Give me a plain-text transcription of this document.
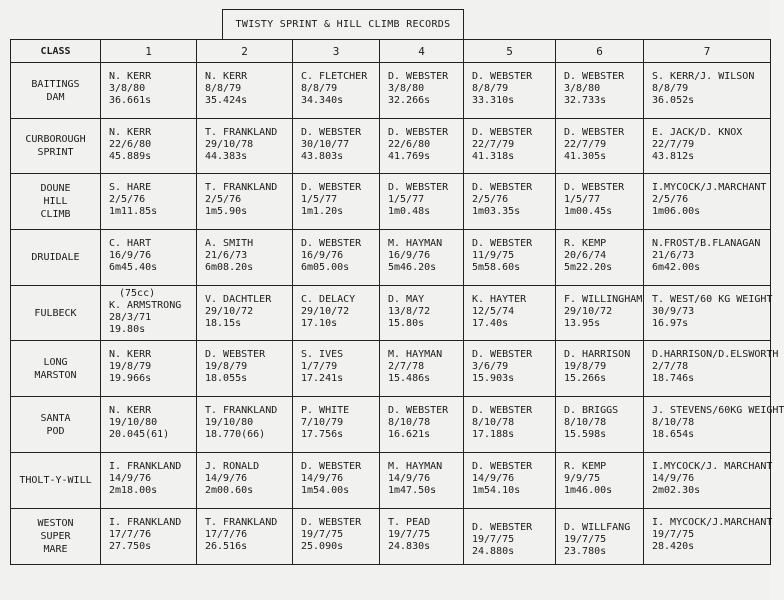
TWISTY SPRINT & HILL CLIMB RECORDS
CLASS	1	2	3	4	5	6	7
BAITINGS
DAM	N. KERR
3/8/80
36.661s	N. KERR
8/8/79
35.424s	C. FLETCHER
8/8/79
34.340s	D. WEBSTER
3/8/80
32.266s	D. WEBSTER
8/8/79
33.310s	D. WEBSTER
3/8/80
32.733s	S. KERR/J. WILSON
8/8/79
36.052s

CURBOROUGH
SPRINT	N. KERR
22/6/80
45.889s	T. FRANKLAND
29/10/78
44.383s	D. WEBSTER
30/10/77
43.803s	D. WEBSTER
22/6/80
41.769s	D. WEBSTER
22/7/79
41.318s	D. WEBSTER
22/7/79
41.305s	E. JACK/D. KNOX
22/7/79
43.812s

DOUNE
HILL
CLIMB	S. HARE
2/5/76
1m11.85s	T. FRANKLAND
2/5/76
1m5.90s	D. WEBSTER
1/5/77
1m1.20s	D. WEBSTER
1/5/77
1m0.48s	D. WEBSTER
2/5/76
1m03.35s	D. WEBSTER
1/5/77
1m00.45s	I.MYCOCK/J.MARCHANT
2/5/76
1m06.00s

DRUIDALE	C. HART
16/9/76
6m45.40s	A. SMITH
21/6/73
6m08.20s	D. WEBSTER
16/9/76
6m05.00s	M. HAYMAN
16/9/76
5m46.20s	D. WEBSTER
11/9/75
5m58.60s	R. KEMP
20/6/74
5m22.20s	N.FROST/B.FLANAGAN
21/6/73
6m42.00s

FULBECK	(75cc)
K. ARMSTRONG
28/3/71
19.80s	V. DACHTLER
29/10/72
18.15s	C. DELACY
29/10/72
17.10s	D. MAY
13/8/72
15.80s	K. HAYTER
12/5/74
17.40s	F. WILLINGHAM
29/10/72
13.95s	T. WEST/60 KG WEIGHT
30/9/73
16.97s

LONG
MARSTON	N. KERR
19/8/79
19.966s	D. WEBSTER
19/8/79
18.055s	S. IVES
1/7/79
17.241s	M. HAYMAN
2/7/78
15.486s	D. WEBSTER
3/6/79
15.903s	D. HARRISON
19/8/79
15.266s	D.HARRISON/D.ELSWORTH
2/7/78
18.746s

SANTA
POD	N. KERR
19/10/80
20.045(61)	T. FRANKLAND
19/10/80
18.770(66)	P. WHITE
7/10/79
17.756s	D. WEBSTER
8/10/78
16.621s	D. WEBSTER
8/10/78
17.188s	D. BRIGGS
8/10/78
15.598s	J. STEVENS/60KG WEIGHT
8/10/78
18.654s

THOLT-Y-WILL	I. FRANKLAND
14/9/76
2m18.00s	J. RONALD
14/9/76
2m00.60s	D. WEBSTER
14/9/76
1m54.00s	M. HAYMAN
14/9/76
1m47.50s	D. WEBSTER
14/9/76
1m54.10s	R. KEMP
9/9/75
1m46.00s	I.MYCOCK/J. MARCHANT
14/9/76
2m02.30s

WESTON
SUPER
MARE	I. FRANKLAND
17/7/76
27.750s	T. FRANKLAND
17/7/76
26.516s	D. WEBSTER
19/7/75
25.090s	T. PEAD
19/7/75
24.830s	D. WEBSTER
19/7/75
24.880s	D. WILLFANG
19/7/75
23.780s	I. MYCOCK/J.MARCHANT
19/7/75
28.420s
